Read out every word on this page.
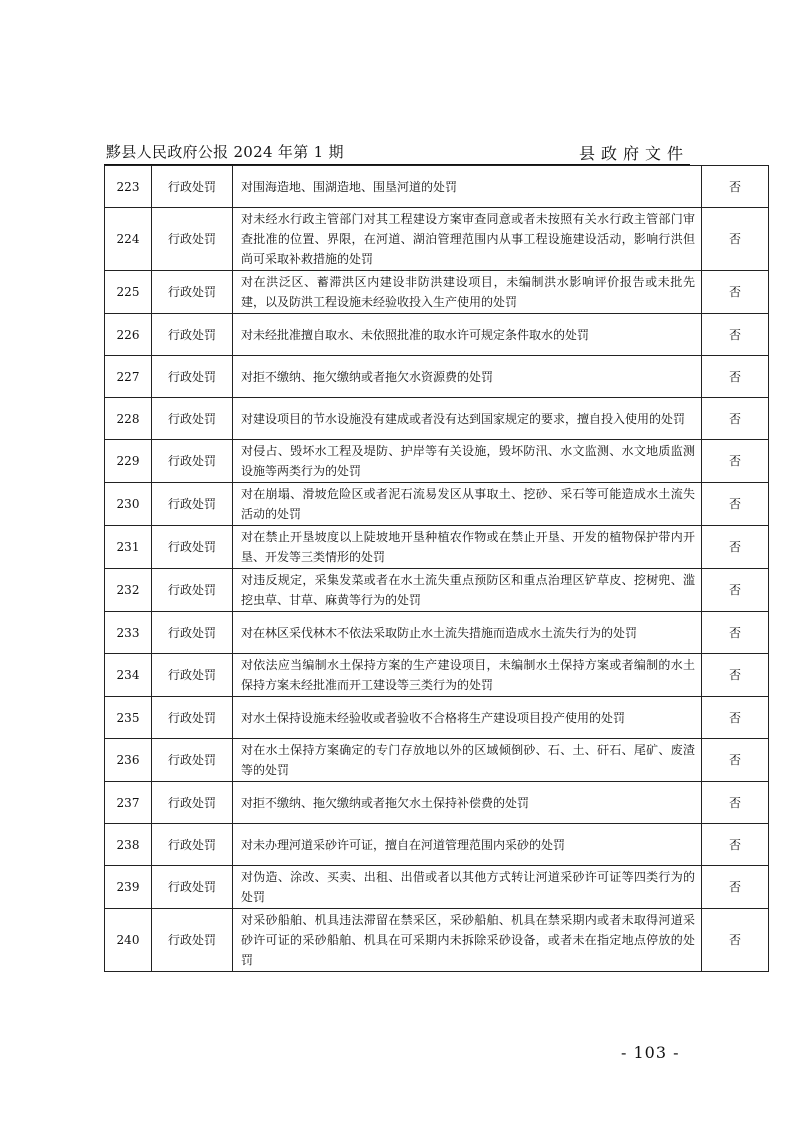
黟县人民政府公报 2024 年第 1 期	县政府文件
223	行政处罚	对围海造地、围湖造地、围垦河道的处罚	否
224	行政处罚	对未经水行政主管部门对其工程建设方案审查同意或者未按照有关水行政主管部门审查批准的位置、界限，在河道、湖泊管理范围内从事工程设施建设活动，影响行洪但尚可采取补救措施的处罚	否
225	行政处罚	对在洪泛区、蓄滞洪区内建设非防洪建设项目，未编制洪水影响评价报告或未批先建，以及防洪工程设施未经验收投入生产使用的处罚	否
226	行政处罚	对未经批准擅自取水、未依照批准的取水许可规定条件取水的处罚	否
227	行政处罚	对拒不缴纳、拖欠缴纳或者拖欠水资源费的处罚	否
228	行政处罚	对建设项目的节水设施没有建成或者没有达到国家规定的要求，擅自投入使用的处罚	否
229	行政处罚	对侵占、毁坏水工程及堤防、护岸等有关设施，毁坏防汛、水文监测、水文地质监测设施等两类行为的处罚	否
230	行政处罚	对在崩塌、滑坡危险区或者泥石流易发区从事取土、挖砂、采石等可能造成水土流失活动的处罚	否
231	行政处罚	对在禁止开垦坡度以上陡坡地开垦种植农作物或在禁止开垦、开发的植物保护带内开垦、开发等三类情形的处罚	否
232	行政处罚	对违反规定，采集发菜或者在水土流失重点预防区和重点治理区铲草皮、挖树兜、滥挖虫草、甘草、麻黄等行为的处罚	否
233	行政处罚	对在林区采伐林木不依法采取防止水土流失措施而造成水土流失行为的处罚	否
234	行政处罚	对依法应当编制水土保持方案的生产建设项目，未编制水土保持方案或者编制的水土保持方案未经批准而开工建设等三类行为的处罚	否
235	行政处罚	对水土保持设施未经验收或者验收不合格将生产建设项目投产使用的处罚	否
236	行政处罚	对在水土保持方案确定的专门存放地以外的区域倾倒砂、石、土、矸石、尾矿、废渣等的处罚	否
237	行政处罚	对拒不缴纳、拖欠缴纳或者拖欠水土保持补偿费的处罚	否
238	行政处罚	对未办理河道采砂许可证，擅自在河道管理范围内采砂的处罚	否
239	行政处罚	对伪造、涂改、买卖、出租、出借或者以其他方式转让河道采砂许可证等四类行为的处罚	否
240	行政处罚	对采砂船舶、机具违法滞留在禁采区，采砂船舶、机具在禁采期内或者未取得河道采砂许可证的采砂船舶、机具在可采期内未拆除采砂设备，或者未在指定地点停放的处罚	否
- 103 -
